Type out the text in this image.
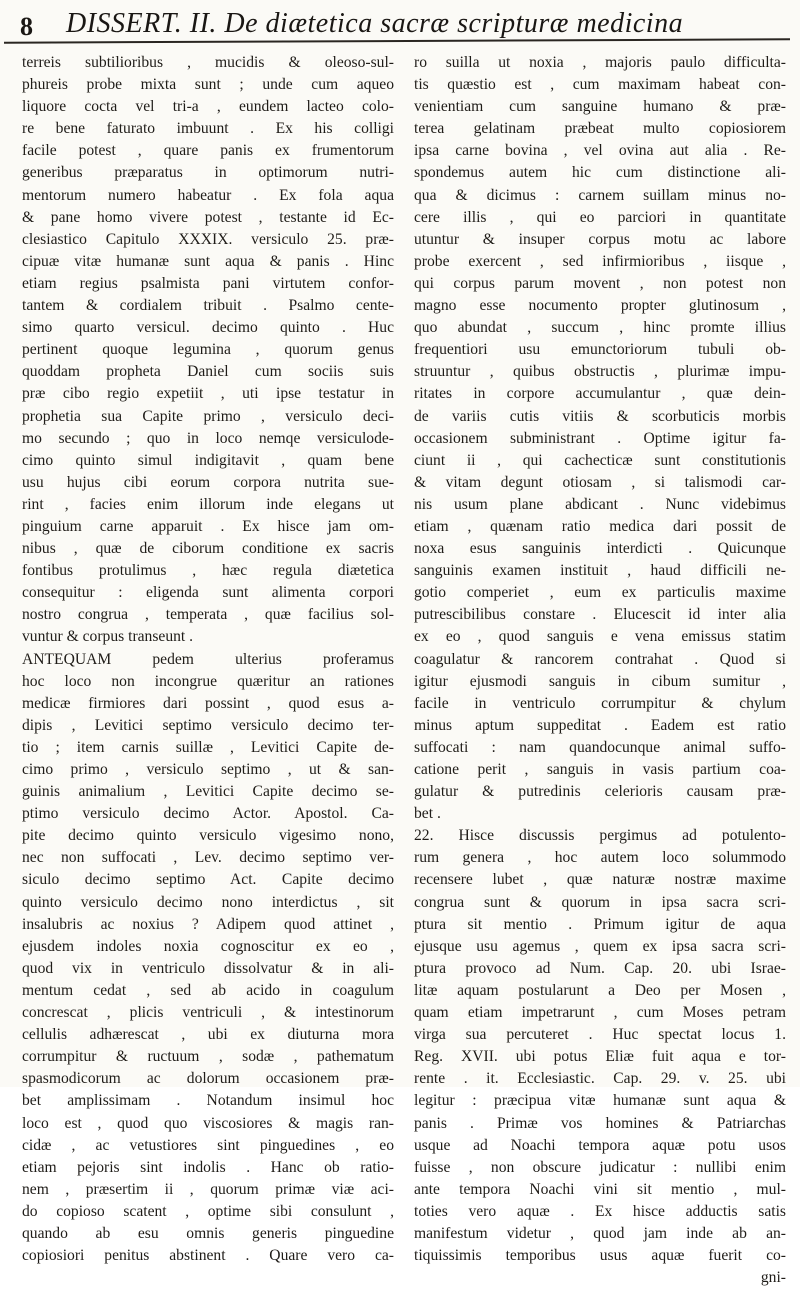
8 DISSERT. II. De diætetica sacræ scripturæ medicina
terreis subtilioribus , mucidis & oleoso-sul-
phureis probe mixta sunt ; unde cum aqueo
liquore cocta vel tri-a , eundem lacteo colo-
re bene faturato imbuunt . Ex his colligi
facile potest , quare panis ex frumentorum
generibus præparatus in optimorum nutri-
mentorum numero habeatur . Ex fola aqua
& pane homo vivere potest , testante id Ec-
clesiastico Capitulo XXXIX. versiculo 25. præ-
cipuæ vitæ humanæ sunt aqua & panis . Hinc
etiam regius psalmista pani virtutem confor-
tantem & cordialem tribuit . Psalmo cente-
simo quarto versicul. decimo quinto . Huc
pertinent quoque legumina , quorum genus
quoddam propheta Daniel cum sociis suis
præ cibo regio expetiit , uti ipse testatur in
prophetia sua Capite primo , versiculo deci-
mo secundo ; quo in loco nemqe versiculode-
cimo quinto simul indigitavit , quam bene
usu hujus cibi eorum corpora nutrita sue-
rint , facies enim illorum inde elegans ut
pinguium carne apparuit . Ex hisce jam om-
nibus , quæ de ciborum conditione ex sacris
fontibus protulimus , hæc regula diætetica
consequitur : eligenda sunt alimenta corpori
nostro congrua , temperata , quæ facilius sol-
vuntur & corpus transeunt .
ANTEQUAM pedem ulterius proferamus
hoc loco non incongrue quæritur an rationes
medicæ firmiores dari possint , quod esus a-
dipis , Levitici septimo versiculo decimo ter-
tio ; item carnis suillæ , Levitici Capite de-
cimo primo , versiculo septimo , ut & san-
guinis animalium , Levitici Capite decimo se-
ptimo versiculo decimo Actor. Apostol. Ca-
pite decimo quinto versiculo vigesimo nono,
nec non suffocati , Lev. decimo septimo ver-
siculo decimo septimo Act. Capite decimo
quinto versiculo decimo nono interdictus , sit
insalubris ac noxius ? Adipem quod attinet ,
ejusdem indoles noxia cognoscitur ex eo ,
quod vix in ventriculo dissolvatur & in ali-
mentum cedat , sed ab acido in coagulum
concrescat , plicis ventriculi , & intestinorum
cellulis adhærescat , ubi ex diuturna mora
corrumpitur & ructuum , sodæ , pathematum
spasmodicorum ac dolorum occasionem præ-
bet amplissimam . Notandum insimul hoc
loco est , quod quo viscosiores & magis ran-
cidæ , ac vetustiores sint pinguedines , eo
etiam pejoris sint indolis . Hanc ob ratio-
nem , præsertim ii , quorum primæ viæ aci-
do copioso scatent , optime sibi consulunt ,
quando ab esu omnis generis pinguedine
copiosiori penitus abstinent . Quare vero ca-
ro suilla ut noxia , majoris paulo difficulta-
tis quæstio est , cum maximam habeat con-
venientiam cum sanguine humano & præ-
terea gelatinam præbeat multo copiosiorem
ipsa carne bovina , vel ovina aut alia . Re-
spondemus autem hic cum distinctione ali-
qua & dicimus : carnem suillam minus no-
cere illis , qui eo parciori in quantitate
utuntur & insuper corpus motu ac labore
probe exercent , sed infirmioribus , iisque ,
qui corpus parum movent , non potest non
magno esse nocumento propter glutinosum ,
quo abundat , succum , hinc promte illius
frequentiori usu emunctoriorum tubuli ob-
struuntur , quibus obstructis , plurimæ impu-
ritates in corpore accumulantur , quæ dein-
de variis cutis vitiis & scorbuticis morbis
occasionem subministrant . Optime igitur fa-
ciunt ii , qui cachecticæ sunt constitutionis
& vitam degunt otiosam , si talismodi car-
nis usum plane abdicant . Nunc videbimus
etiam , quænam ratio medica dari possit de
noxa esus sanguinis interdicti . Quicunque
sanguinis examen instituit , haud difficili ne-
gotio comperiet , eum ex particulis maxime
putrescibilibus constare . Elucescit id inter alia
ex eo , quod sanguis e vena emissus statim
coagulatur & rancorem contrahat . Quod si
igitur ejusmodi sanguis in cibum sumitur ,
facile in ventriculo corrumpitur & chylum
minus aptum suppeditat . Eadem est ratio
suffocati : nam quandocunque animal suffo-
catione perit , sanguis in vasis partium coa-
gulatur & putredinis celerioris causam præ-
bet .
22. Hisce discussis pergimus ad potulento-
rum genera , hoc autem loco solummodo
recensere lubet , quæ naturæ nostræ maxime
congrua sunt & quorum in ipsa sacra scri-
ptura sit mentio . Primum igitur de aqua
ejusque usu agemus , quem ex ipsa sacra scri-
ptura provoco ad Num. Cap. 20. ubi Israe-
litæ aquam postularunt a Deo per Mosen ,
quam etiam impetrarunt , cum Moses petram
virga sua percuteret . Huc spectat locus 1.
Reg. XVII. ubi potus Eliæ fuit aqua e tor-
rente . it. Ecclesiastic. Cap. 29. v. 25. ubi
legitur : præcipua vitæ humanæ sunt aqua &
panis . Primæ vos homines & Patriarchas
usque ad Noachi tempora aquæ potu usos
fuisse , non obscure judicatur : nullibi enim
ante tempora Noachi vini sit mentio , mul-
toties vero aquæ . Ex hisce adductis satis
manifestum videtur , quod jam inde ab an-
tiquissimis temporibus usus aquæ fuerit co-
gni-
